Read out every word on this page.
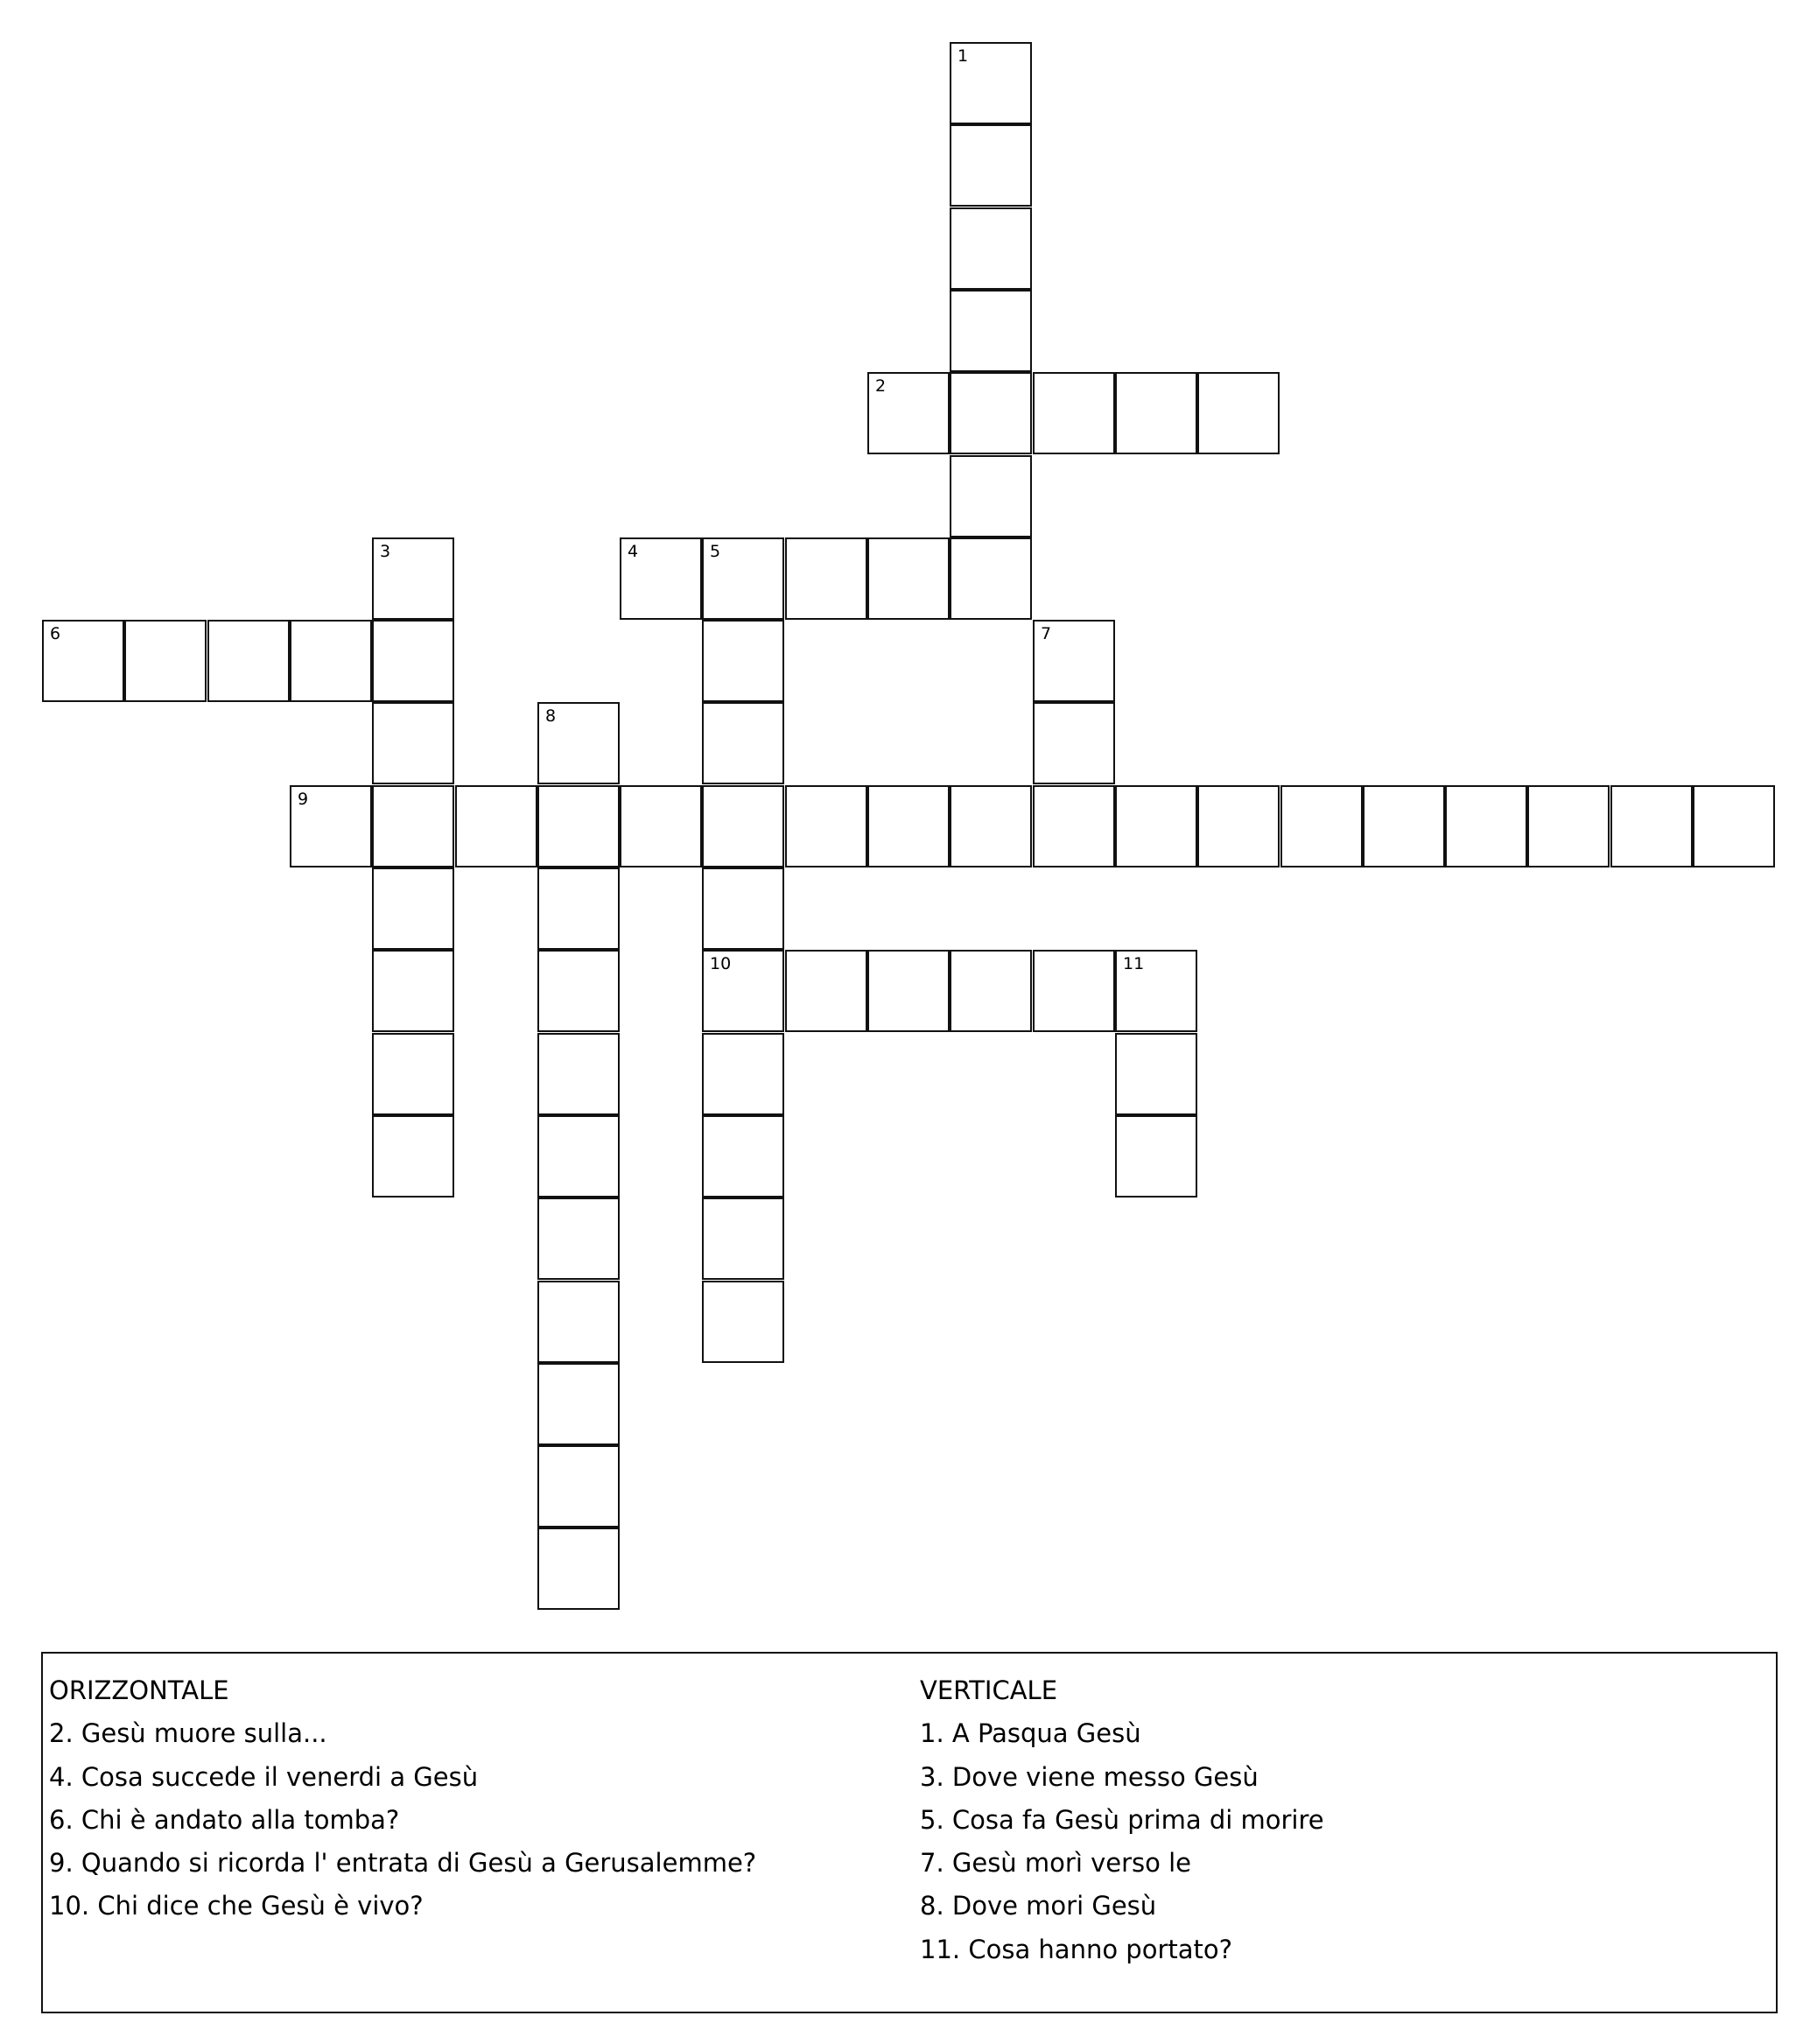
1
2
3	4	5
10
6	7
8
9
11
ORIZZONTALE
2. Gesù muore sulla...
4. Cosa succede il venerdi a Gesù
6. Chi è andato alla tomba?
9. Quando si ricorda l' entrata di Gesù a Gerusalemme?
10. Chi dice che Gesù è vivo?
VERTICALE
1. A Pasqua Gesù
3. Dove viene messo Gesù
5. Cosa fa Gesù prima di morire
7. Gesù morì verso le
8. Dove mori Gesù
11. Cosa hanno portato?
